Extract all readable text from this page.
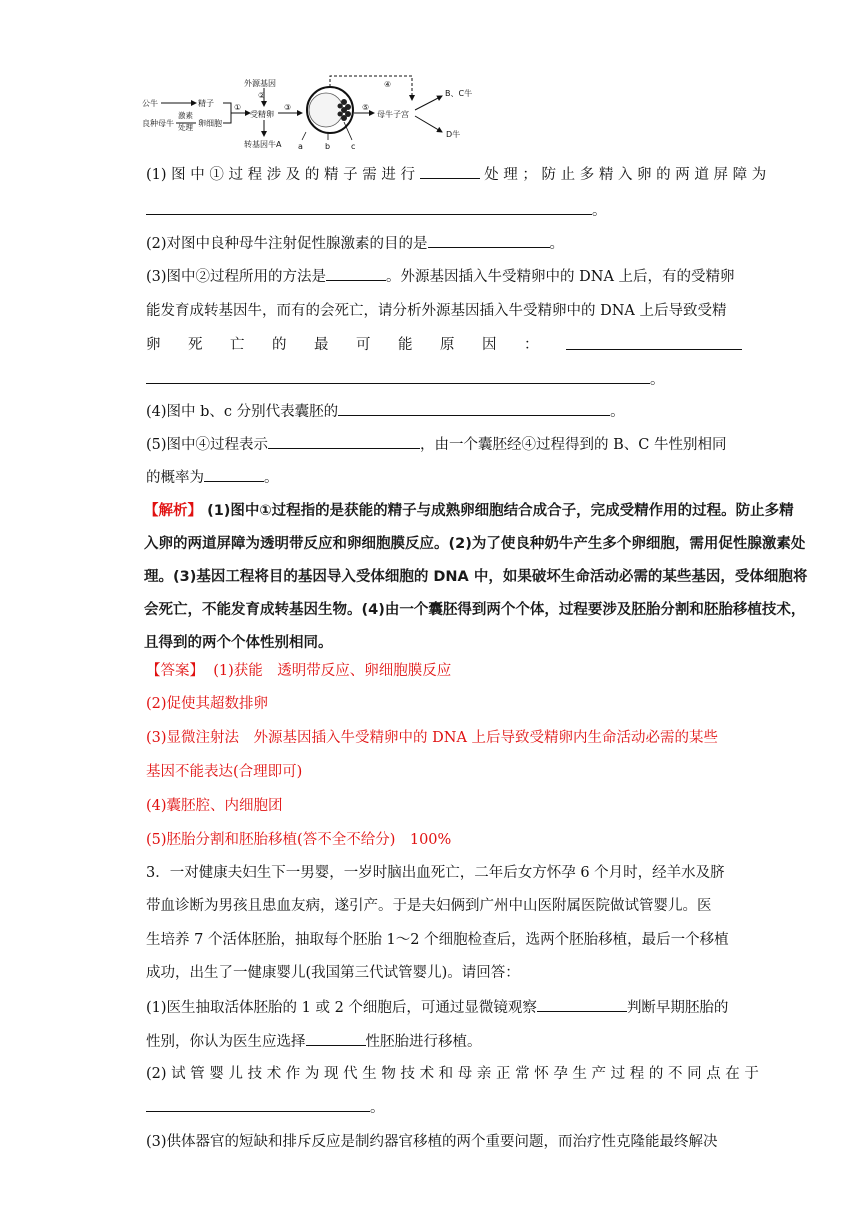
公牛
良种母牛
激素
处理
精子
卵细胞
①
外源基因
②
受精卵
转基因牛A
③
a	b	c
④
⑤
母牛子宫
B、C牛
D牛
(1) 图 中 ① 过 程 涉 及 的 精 子 需 进 行	处 理 ； 防 止 多 精 入 卵 的 两 道 屏 障 为
。
(2)对图中良种母牛注射促性腺激素的目的是	。
(3)图中②过程所用的方法是	。外源基因插入牛受精卵中的 DNA 上后，有的受精卵
能发育成转基因牛，而有的会死亡，请分析外源基因插入牛受精卵中的 DNA 上后导致受精
卵 死 亡 的 最 可 能 原 因 ：
。
(4)图中 b、c 分别代表囊胚的	。
(5)图中④过程表示	，由一个囊胚经④过程得到的 B、C 牛性别相同
的概率为	。
【解析】 (1)图中①过程指的是获能的精子与成熟卵细胞结合成合子，完成受精作用的过程。防止多精
入卵的两道屏障为透明带反应和卵细胞膜反应。(2)为了使良种奶牛产生多个卵细胞，需用促性腺激素处
理。(3)基因工程将目的基因导入受体细胞的 DNA 中，如果破坏生命活动必需的某些基因，受体细胞将
会死亡，不能发育成转基因生物。(4)由一个囊胚得到两个个体，过程要涉及胚胎分割和胚胎移植技术，
且得到的两个个体性别相同。
【答案】 (1)获能　透明带反应、卵细胞膜反应
(2)促使其超数排卵
(3)显微注射法　外源基因插入牛受精卵中的 DNA 上后导致受精卵内生命活动必需的某些
基因不能表达(合理即可)
(4)囊胚腔、内细胞团
(5)胚胎分割和胚胎移植(答不全不给分)　100%
3．一对健康夫妇生下一男婴，一岁时脑出血死亡，二年后女方怀孕 6 个月时，经羊水及脐
带血诊断为男孩且患血友病，遂引产。于是夫妇俩到广州中山医附属医院做试管婴儿。医
生培养 7 个活体胚胎，抽取每个胚胎 1～2 个细胞检查后，选两个胚胎移植，最后一个移植
成功，出生了一健康婴儿(我国第三代试管婴儿)。请回答：
(1)医生抽取活体胚胎的 1 或 2 个细胞后，可通过显微镜观察	判断早期胚胎的
性别，你认为医生应选择	性胚胎进行移植。
(2) 试 管 婴 儿 技 术 作 为 现 代 生 物 技 术 和 母 亲 正 常 怀 孕 生 产 过 程 的 不 同 点 在 于
。
(3)供体器官的短缺和排斥反应是制约器官移植的两个重要问题，而治疗性克隆能最终解决
